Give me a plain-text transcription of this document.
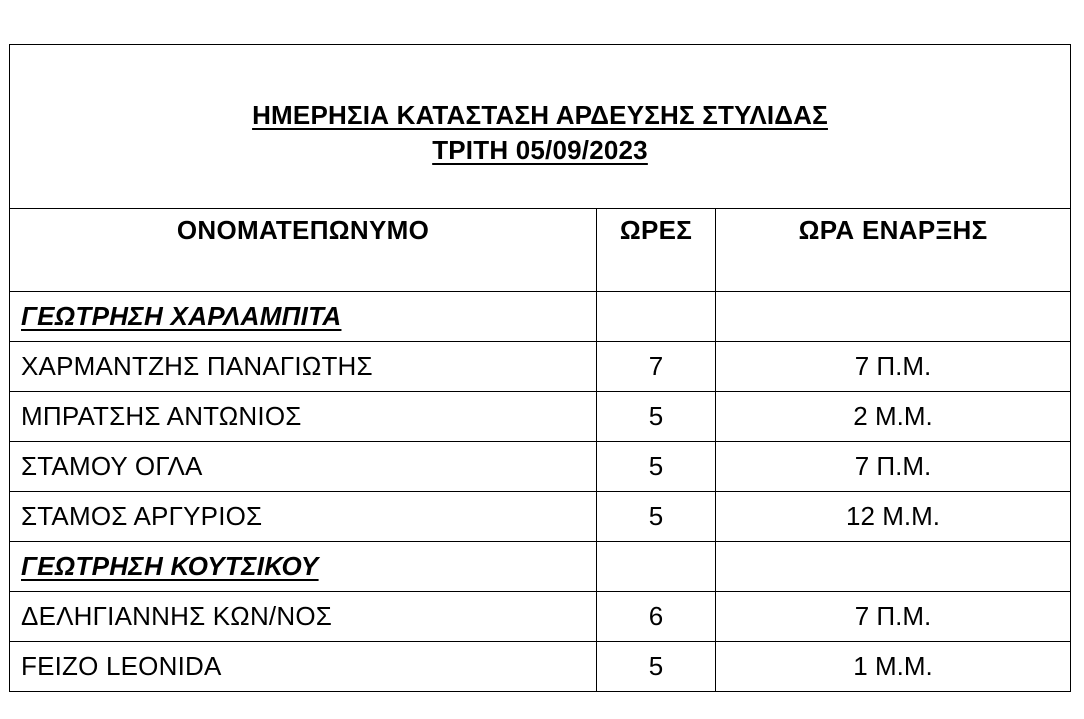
ΗΜΕΡΗΣΙΑ ΚΑΤΑΣΤΑΣΗ ΑΡΔΕΥΣΗΣ ΣΤΥΛΙΔΑΣ
ΤΡΙΤΗ 05/09/2023		

ΟΝΟΜΑΤΕΠΩΝΥΜΟ	ΩΡΕΣ	ΩΡΑ ΕΝΑΡΞΗΣ
ΓΕΩΤΡΗΣΗ ΧΑΡΛΑΜΠΙΤΑ		
ΧΑΡΜΑΝΤΖΗΣ ΠΑΝΑΓΙΩΤΗΣ	7	7 Π.Μ.
ΜΠΡΑΤΣΗΣ ΑΝΤΩΝΙΟΣ	5	2 Μ.Μ.
ΣΤΑΜΟΥ ΟΓΛΑ	5	7 Π.Μ.
ΣΤΑΜΟΣ ΑΡΓΥΡΙΟΣ	5	12 Μ.Μ.
ΓΕΩΤΡΗΣΗ ΚΟΥΤΣΙΚΟΥ		
ΔΕΛΗΓΙΑΝΝΗΣ ΚΩΝ/ΝΟΣ	6	7 Π.Μ.
FEIZO LEONIDA	5	1 Μ.Μ.
